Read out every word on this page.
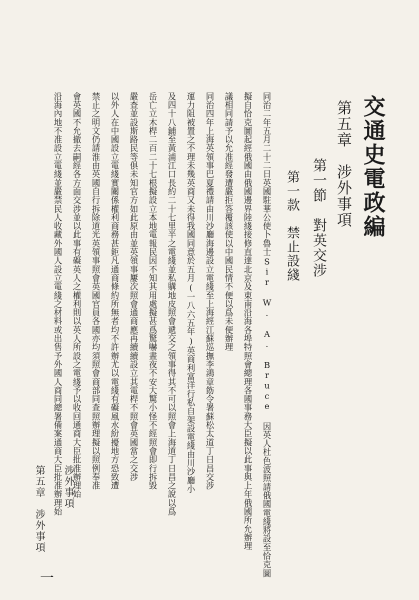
交通史電政編
第五章　涉外事項
第一節　對英交涉
第一款　禁止設綫
同治二年五月二十二日英國駐華公使卜魯士Sir W. A. Bruce 因英人杜色波照請俄國電綫將設至恰克圖
擬自恰克圖起經俄國由俄國邊界陸綫接修直達北京及東南沿海各埠特照會總理各國事務大臣擬以此事與上年俄國所允辦理
議相同請予以允准經發遭嚴拒答覆該使以中國民情不便以爲未便辦理
同治四年上海英領事巴夏禮請由川沙廳海邊設立電綫至上海經江蘇巡撫李鴻章飭令署蘇松太道丁日昌交涉
運力阻被置之不理未幾英商又未得我國同意於五月(一八六五年)英商利富洋行私自架設電綫由川沙廳小
及四十八鋪至黃浦江口長約二十七里半之電綫並私購地皮照會遞交之領事得其不可以照會上海道丁日昌之說以爲
岳亡立木桿二百二十七根擬設立本地電報民因不知其用處擬甚爲驚嚇晝夜不安大驚小怪不經照會即行拆毀
嚴查並設斯路民等俱未知官方如此原由並英領事屢次照會通商應再續續設立其電桿不照會英國當之交涉
以外人在中國設立電綫實關係權利商務甚鉅凡通商條約所無者均不許辦尤以電綫有礙風水紛擾地方恐致遭
禁止之明文仍請淮由英國自行拆除道光英領事照會英國官員各國亦均須照會商部同查照辦理擬以照例奉准
會英國不允撤去嗣經各方面交涉並以此事有礙英人之權利則以英人所設之電綫予以收回通商大臣批准辦理始
沿海內地不准設立電綫並嚴禁民人收藏外國人設立電綫之材料或出售予外國人商同總署備案通商大臣批准辦理始
第五章　涉外事項 涉外事項
一
